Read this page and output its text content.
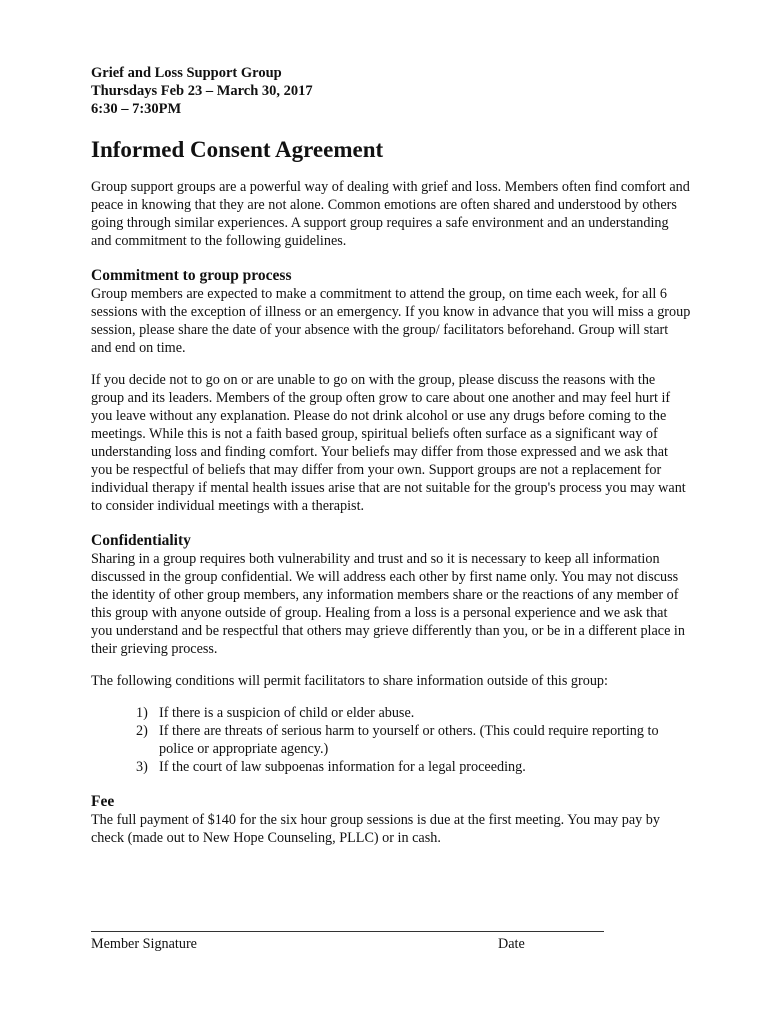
Grief and Loss Support Group
Thursdays Feb 23 – March 30, 2017
6:30 – 7:30PM
Informed Consent Agreement

Group support groups are a powerful way of dealing with grief and loss. Members often find comfort and peace in knowing that they are not alone. Common emotions are often shared and understood by others going through similar experiences. A support group requires a safe environment and an understanding and commitment to the following guidelines.

Commitment to group process

Group members are expected to make a commitment to attend the group, on time each week, for all 6 sessions with the exception of illness or an emergency. If you know in advance that you will miss a group session, please share the date of your absence with the group/ facilitators beforehand. Group will start and end on time.

If you decide not to go on or are unable to go on with the group, please discuss the reasons with the group and its leaders. Members of the group often grow to care about one another and may feel hurt if you leave without any explanation. Please do not drink alcohol or use any drugs before coming to the meetings. While this is not a faith based group, spiritual beliefs often surface as a significant way of understanding loss and finding comfort. Your beliefs may differ from those expressed and we ask that you be respectful of beliefs that may differ from your own. Support groups are not a replacement for individual therapy if mental health issues arise that are not suitable for the group's process you may want to consider individual meetings with a therapist.

Confidentiality

Sharing in a group requires both vulnerability and trust and so it is necessary to keep all information discussed in the group confidential. We will address each other by first name only. You may not discuss the identity of other group members, any information members share or the reactions of any member of this group with anyone outside of group. Healing from a loss is a personal experience and we ask that you understand and be respectful that others may grieve differently than you, or be in a different place in their grieving process.

The following conditions will permit facilitators to share information outside of this group:

1) If there is a suspicion of child or elder abuse.
2) If there are threats of serious harm to yourself or others. (This could require reporting to police or appropriate agency.)
3) If the court of law subpoenas information for a legal proceeding.
Fee

The full payment of $140 for the six hour group sessions is due at the first meeting. You may pay by check (made out to New Hope Counseling, PLLC) or in cash.

Member Signature	Date
